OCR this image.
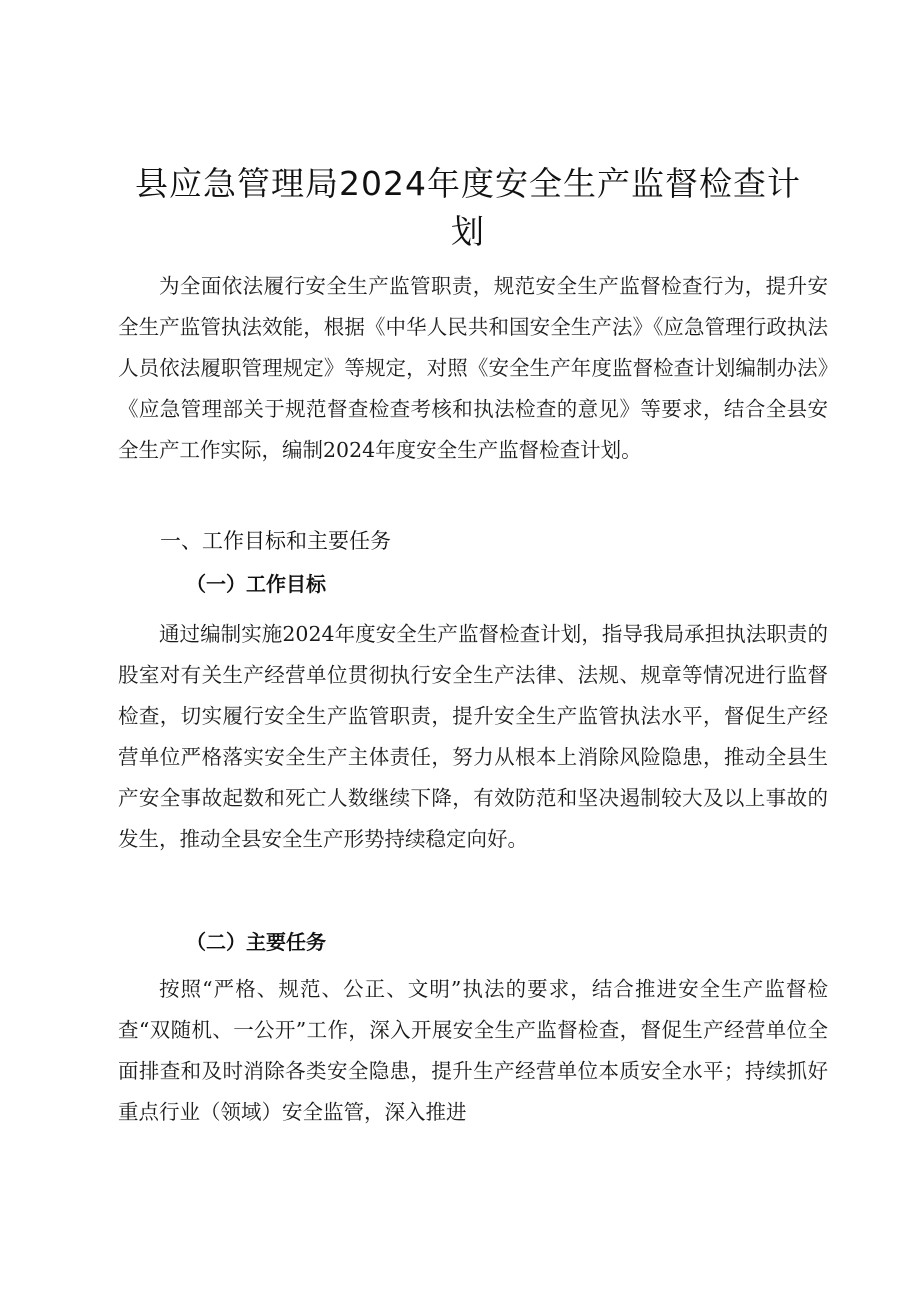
县应急管理局2024年度安全生产监督检查计
划

为全面依法履行安全生产监管职责，规范安全生产监督检查行为，提升安全生产监管执法效能，根据《中华人民共和国安全生产法》《应急管理行政执法人员依法履职管理规定》等规定，对照《安全生产年度监督检查计划编制办法》《应急管理部关于规范督查检查考核和执法检查的意见》等要求，结合全县安全生产工作实际，编制2024年度安全生产监督检查计划。

一、工作目标和主要任务
（一）工作目标

通过编制实施2024年度安全生产监督检查计划，指导我局承担执法职责的股室对有关生产经营单位贯彻执行安全生产法律、法规、规章等情况进行监督检查，切实履行安全生产监管职责，提升安全生产监管执法水平，督促生产经营单位严格落实安全生产主体责任，努力从根本上消除风险隐患，推动全县生产安全事故起数和死亡人数继续下降，有效防范和坚决遏制较大及以上事故的发生，推动全县安全生产形势持续稳定向好。

（二）主要任务

按照“严格、规范、公正、文明”执法的要求，结合推进安全生产监督检查“双随机、一公开”工作，深入开展安全生产监督检查，督促生产经营单位全面排查和及时消除各类安全隐患，提升生产经营单位本质安全水平；持续抓好重点行业（领域）安全监管，深入推进
